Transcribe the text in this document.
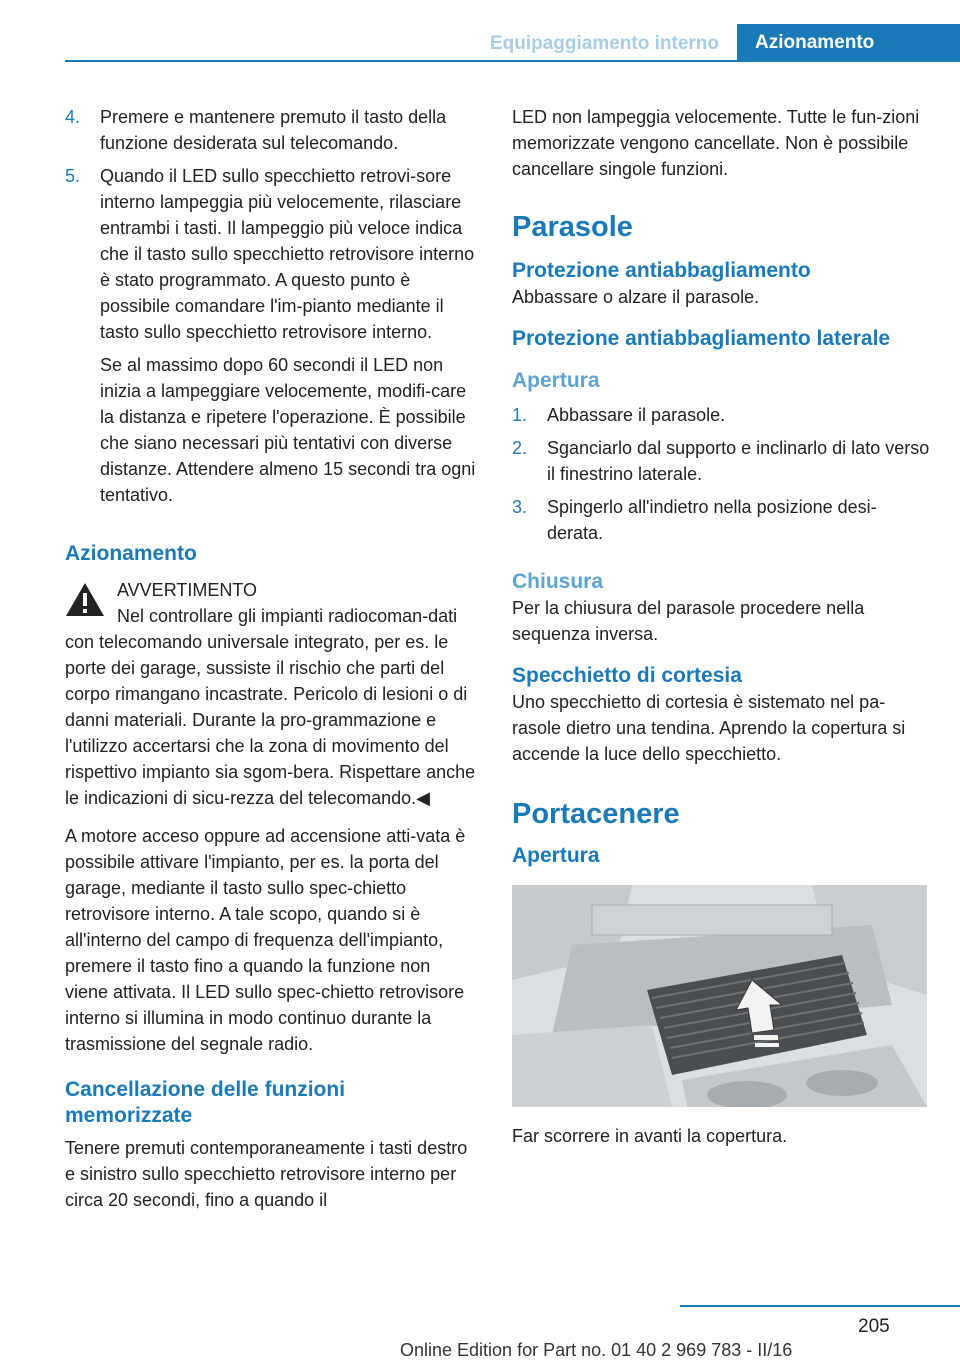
Equipaggiamento interno	Azionamento
4.	Premere e mantenere premuto il tasto della funzione desiderata sul telecomando.

5.	Quando il LED sullo specchietto retrovi-sore interno lampeggia più velocemente, rilasciare entrambi i tasti. Il lampeggio più veloce indica che il tasto sullo specchietto retrovisore interno è stato programmato. A questo punto è possibile comandare l'im-pianto mediante il tasto sullo specchietto retrovisore interno.

Se al massimo dopo 60 secondi il LED non inizia a lampeggiare velocemente, modifi-care la distanza e ripetere l'operazione. È possibile che siano necessari più tentativi con diverse distanze. Attendere almeno 15 secondi tra ogni tentativo.

Azionamento
AVVERTIMENTO

Nel controllare gli impianti radiocoman-dati con telecomando universale integrato, per es. le porte dei garage, sussiste il rischio che parti del corpo rimangano incastrate. Pericolo di lesioni o di danni materiali. Durante la pro-grammazione e l'utilizzo accertarsi che la zona di movimento del rispettivo impianto sia sgom-bera. Rispettare anche le indicazioni di sicu-rezza del telecomando.◀

A motore acceso oppure ad accensione atti-vata è possibile attivare l'impianto, per es. la porta del garage, mediante il tasto sullo spec-chietto retrovisore interno. A tale scopo, quando si è all'interno del campo di frequenza dell'impianto, premere il tasto fino a quando la funzione non viene attivata. Il LED sullo spec-chietto retrovisore interno si illumina in modo continuo durante la trasmissione del segnale radio.

Cancellazione delle funzioni memorizzate

Tenere premuti contemporaneamente i tasti destro e sinistro sullo specchietto retrovisore interno per circa 20 secondi, fino a quando il

LED non lampeggia velocemente. Tutte le fun-zioni memorizzate vengono cancellate. Non è possibile cancellare singole funzioni.

Parasole
Protezione antiabbagliamento

Abbassare o alzare il parasole.

Protezione antiabbagliamento laterale
Apertura
1.	Abbassare il parasole.

2.	Sganciarlo dal supporto e inclinarlo di lato verso il finestrino laterale.

3.	Spingerlo all'indietro nella posizione desi-derata.

Chiusura

Per la chiusura del parasole procedere nella sequenza inversa.

Specchietto di cortesia

Uno specchietto di cortesia è sistemato nel pa-rasole dietro una tendina. Aprendo la copertura si accende la luce dello specchietto.

Portacenere
Apertura

Far scorrere in avanti la copertura.

205
Online Edition for Part no. 01 40 2 969 783 - II/16
